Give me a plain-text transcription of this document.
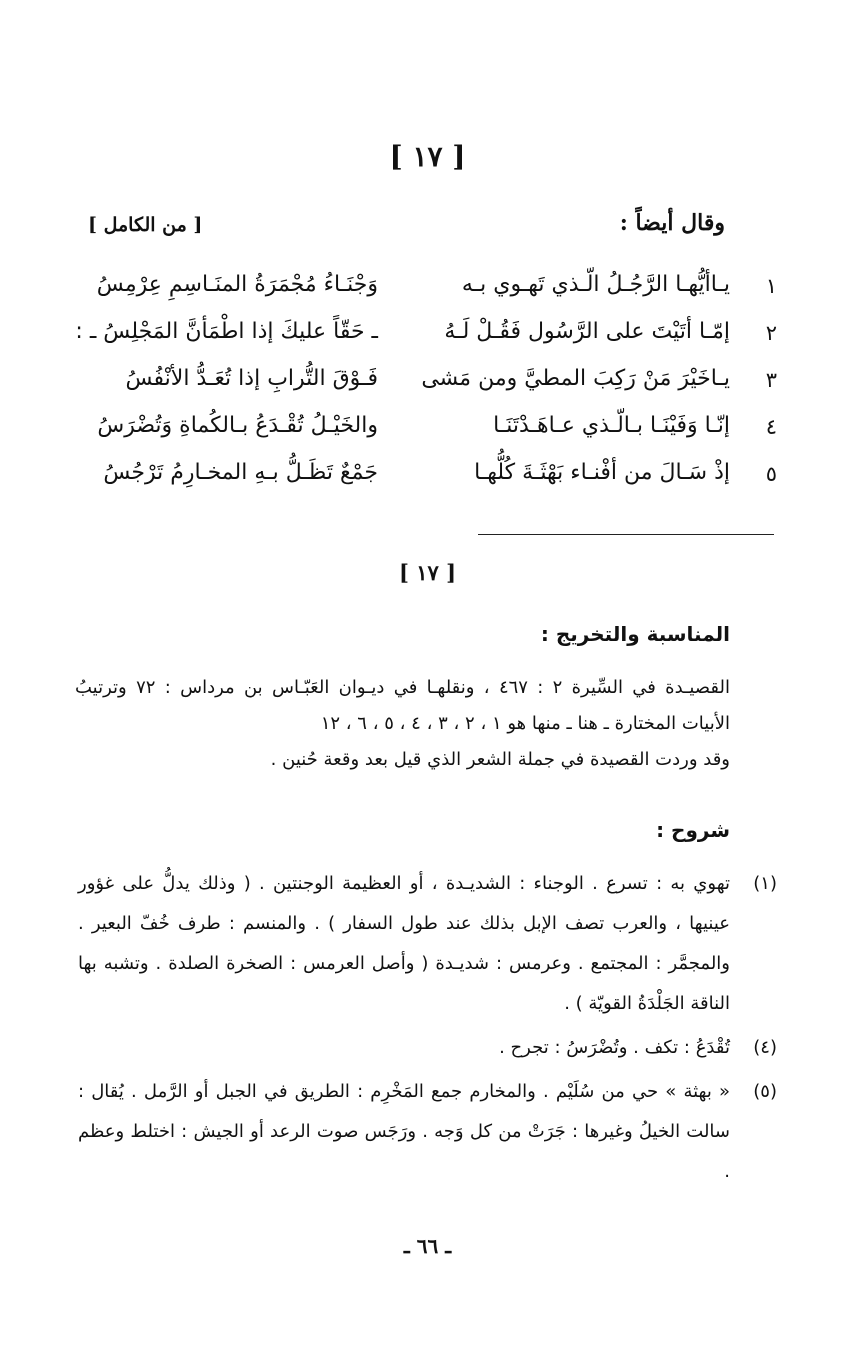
[ ١٧ ]
وقال أيضاً :
[ من الكامل ]
١
يـاأيُّهـا الرَّجُـلُ الّـذي تَهـوي بـه
وَجْنَـاءُ مُجْمَرَةُ المنَـاسِمِ عِرْمِسُ
٢
إمّـا أتَيْتَ على الرَّسُول فَقُـلْ لَـهُ
ـ حَقّاً عليكَ إذا اطْمَأنَّ المَجْلِسُ ـ :
٣
يـاخَيْرَ مَنْ رَكِبَ المطيَّ ومن مَشى
فَـوْقَ التُّرابِ إذا تُعَـدُّ الأنْفُسُ
٤
إنّـا وَفَيْنَـا بـالّـذي عـاهَـدْتَنَـا
والخَيْـلُ تُقْـدَعُ بـالكُماةِ وَتُضْرَسُ
٥
إذْ سَـالَ من أفْنـاء بَهْثَـةَ كُلُّهـا
جَمْعٌ تَظَـلُّ بـهِ المخـارِمُ تَرْجُسُ
[ ١٧ ]
المناسبة والتخريج :

القصيـدة في السِّيرة ٢ : ٤٦٧ ، ونقلهـا في ديـوان العَبّـاس بن مرداس : ٧٢ وترتيبُ الأبيات المختارة ـ هنا ـ منها هو ١ ، ٢ ، ٣ ، ٤ ، ٥ ، ٦ ، ١٢

وقد وردت القصيدة في جملة الشعر الذي قيل بعد وقعة حُنين .

شروح :
(١)
تهوي به : تسرع . الوجناء : الشديـدة ، أو العظيمة الوجنتين . ( وذلك يدلُّ على غؤور عينيها ، والعرب تصف الإبل بذلك عند طول السفار ) . والمنسم : طرف خُفّ البعير . والمجمَّر : المجتمع . وعرمس : شديـدة ( وأصل العرمس : الصخرة الصلدة . وتشبه بها الناقة الجَلْدَةُ القويّة ) .
(٤)
تُقْدَعُ : تكف . وتُضْرَسُ : تجرح .
(٥)
« بهثة » حي من سُلَيْم . والمخارم جمع المَخْرِم : الطريق في الجبل أو الرَّمل . يُقال : سالت الخيلُ وغيرها : جَرَتْ من كل وَجه . ورَجَس صوت الرعد أو الجيش : اختلط وعظم .
ـ ٦٦ ـ
